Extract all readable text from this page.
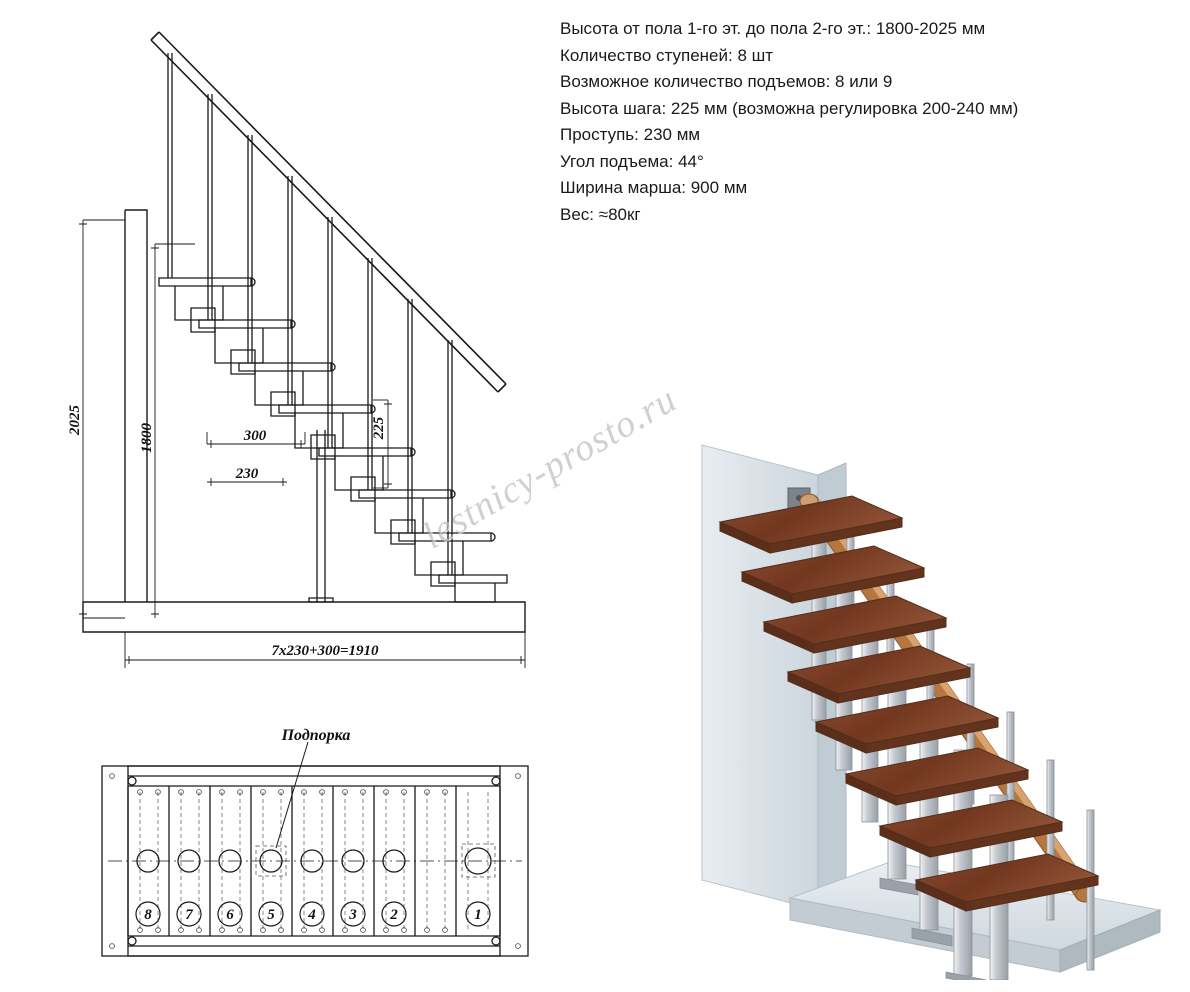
Высота от пола 1-го эт. до пола 2-го эт.: 1800-2025 мм
Количество ступеней: 8 шт
Возможное количество подъемов: 8 или 9
Высота шага: 225 мм (возможна регулировка 200-240 мм)
Проступь: 230 мм
Угол подъема: 44°
Ширина марша: 900 мм
Вес: ≈80кг
2025
1800	225
300
230
7x230+300=1910
Подпорка
8 7 6 5 4 3 2	1
lestnicy-prosto.ru
